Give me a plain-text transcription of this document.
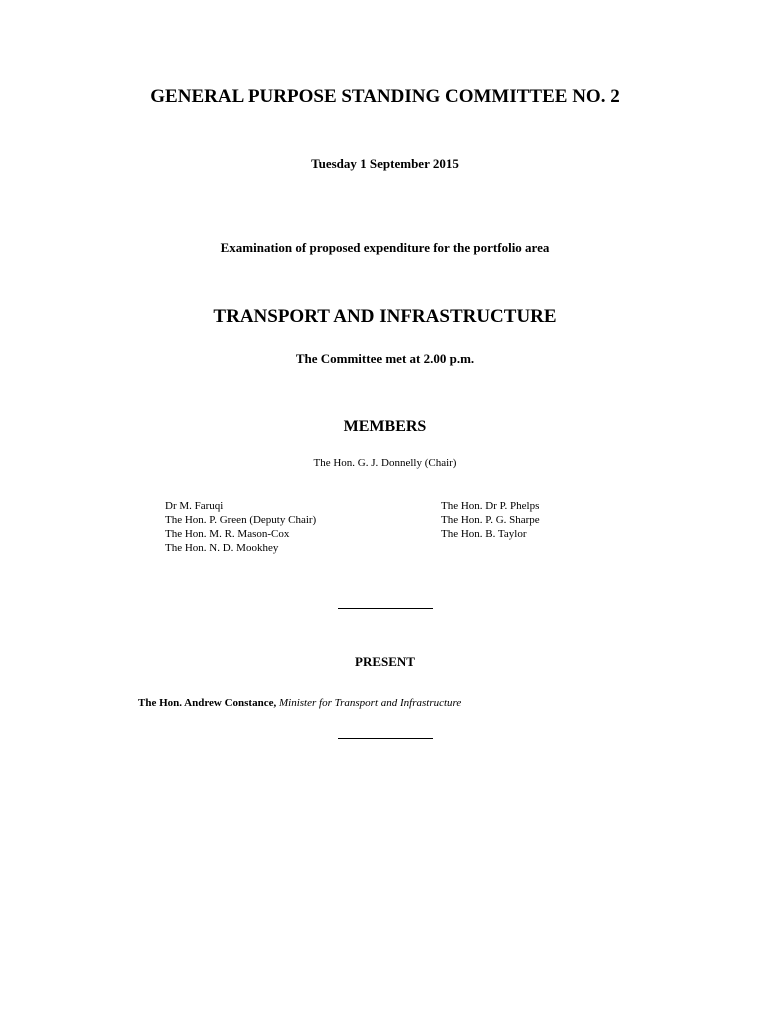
GENERAL PURPOSE STANDING COMMITTEE NO. 2
Tuesday 1 September 2015
Examination of proposed expenditure for the portfolio area
TRANSPORT AND INFRASTRUCTURE
The Committee met at 2.00 p.m.
MEMBERS
The Hon. G. J. Donnelly (Chair)
Dr M. Faruqi
The Hon. P. Green (Deputy Chair)
The Hon. M. R. Mason-Cox
The Hon. N. D. Mookhey
The Hon. Dr P. Phelps
The Hon. P. G. Sharpe
The Hon. B. Taylor
PRESENT
The Hon. Andrew Constance, Minister for Transport and Infrastructure
